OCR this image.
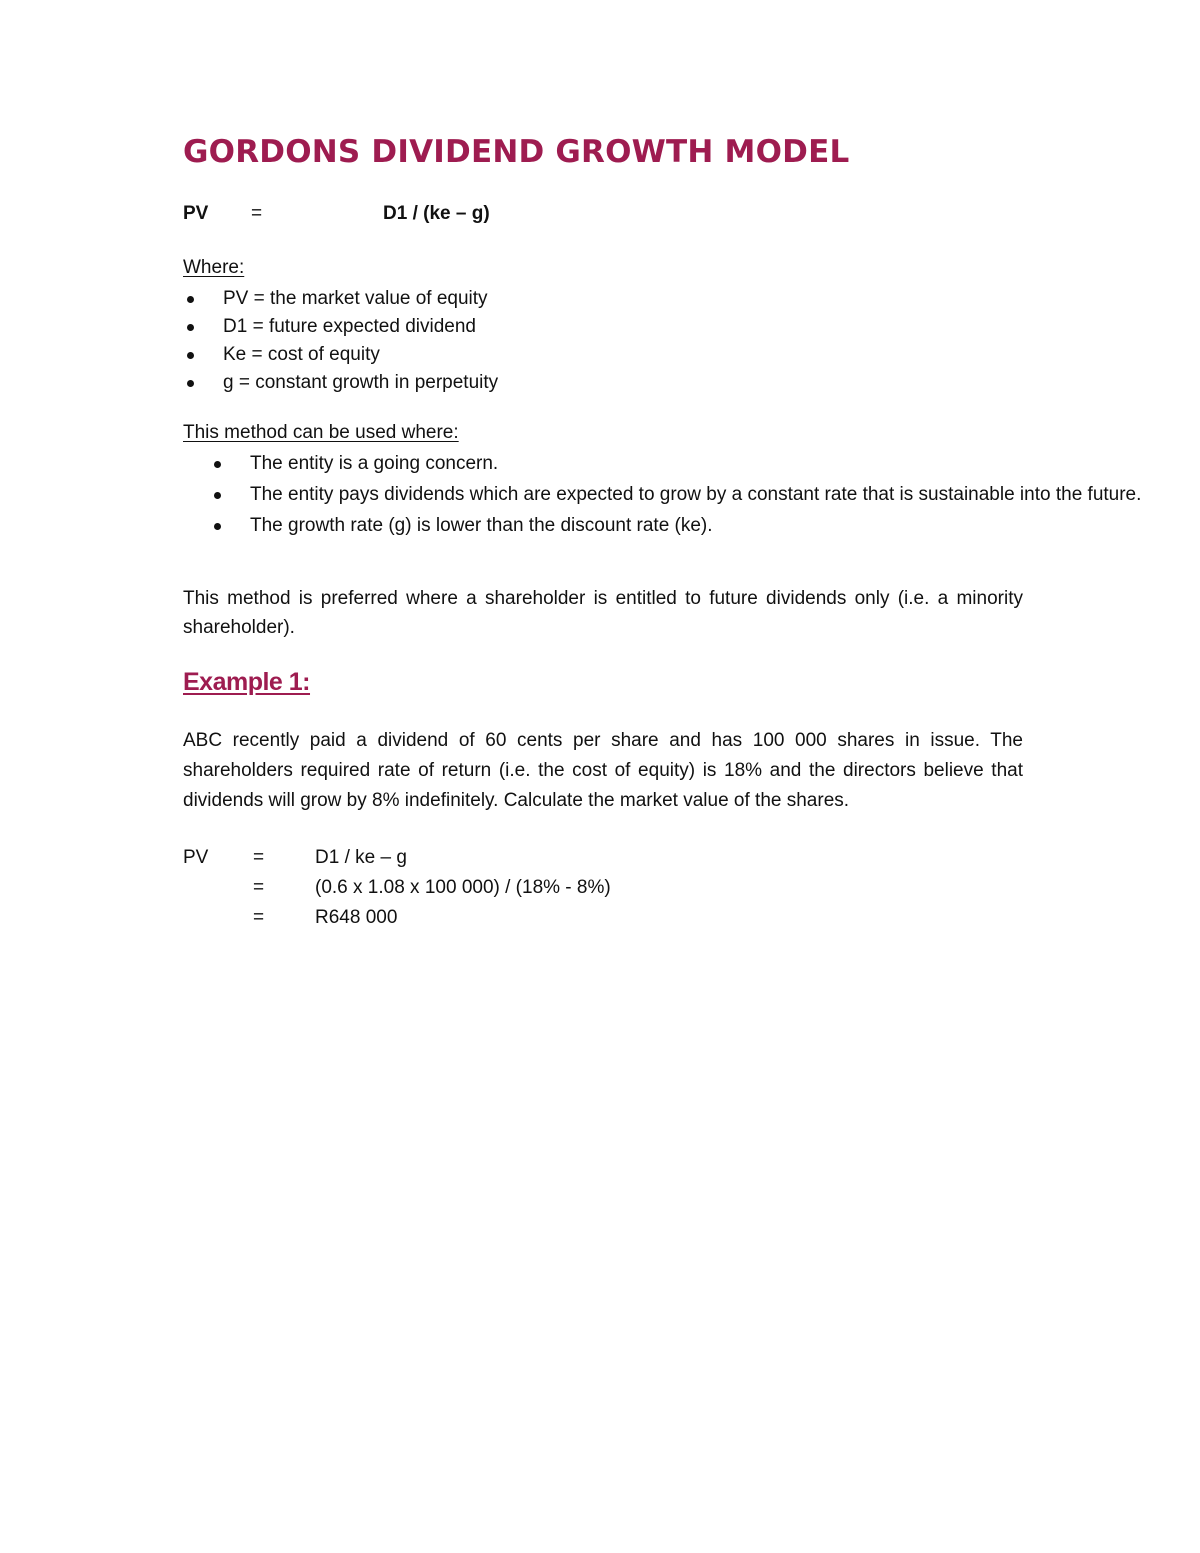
GORDONS DIVIDEND GROWTH MODEL
PV	=	D1 / (ke – g)

Where:

PV = the market value of equity
D1 = future expected dividend
Ke = cost of equity
g = constant growth in perpetuity

This method can be used where:

The entity is a going concern.
The entity pays dividends which are expected to grow by a constant rate that is sustainable into the future.
The growth rate (g) is lower than the discount rate (ke).

This method is preferred where a shareholder is entitled to future dividends only (i.e. a minority shareholder).

Example 1:

ABC recently paid a dividend of 60 cents per share and has 100 000 shares in issue. The shareholders required rate of return (i.e. the cost of equity) is 18% and the directors believe that dividends will grow by 8% indefinitely. Calculate the market value of the shares.

PV	=	D1 / ke – g
=	(0.6 x 1.08 x 100 000) / (18% - 8%)
=	R648 000
